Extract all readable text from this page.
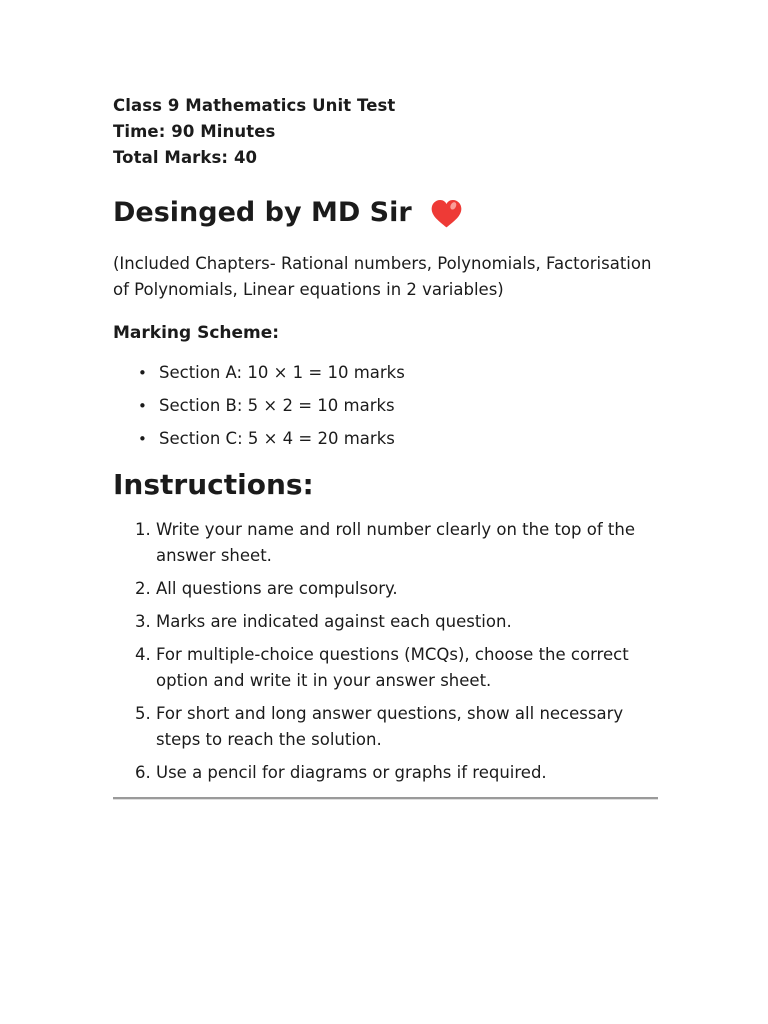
Class 9 Mathematics Unit Test
Time: 90 Minutes
Total Marks: 40
Desinged by MD Sir

(Included Chapters- Rational numbers, Polynomials, Factorisation of Polynomials, Linear equations in 2 variables)

Marking Scheme:
• Section A: 10 × 1 = 10 marks
• Section B: 5 × 2 = 10 marks
• Section C: 5 × 4 = 20 marks
Instructions:
1. Write your name and roll number clearly on the top of the answer sheet.
2. All questions are compulsory.
3. Marks are indicated against each question.
4. For multiple-choice questions (MCQs), choose the correct option and write it in your answer sheet.
5. For short and long answer questions, show all necessary steps to reach the solution.
6. Use a pencil for diagrams or graphs if required.
